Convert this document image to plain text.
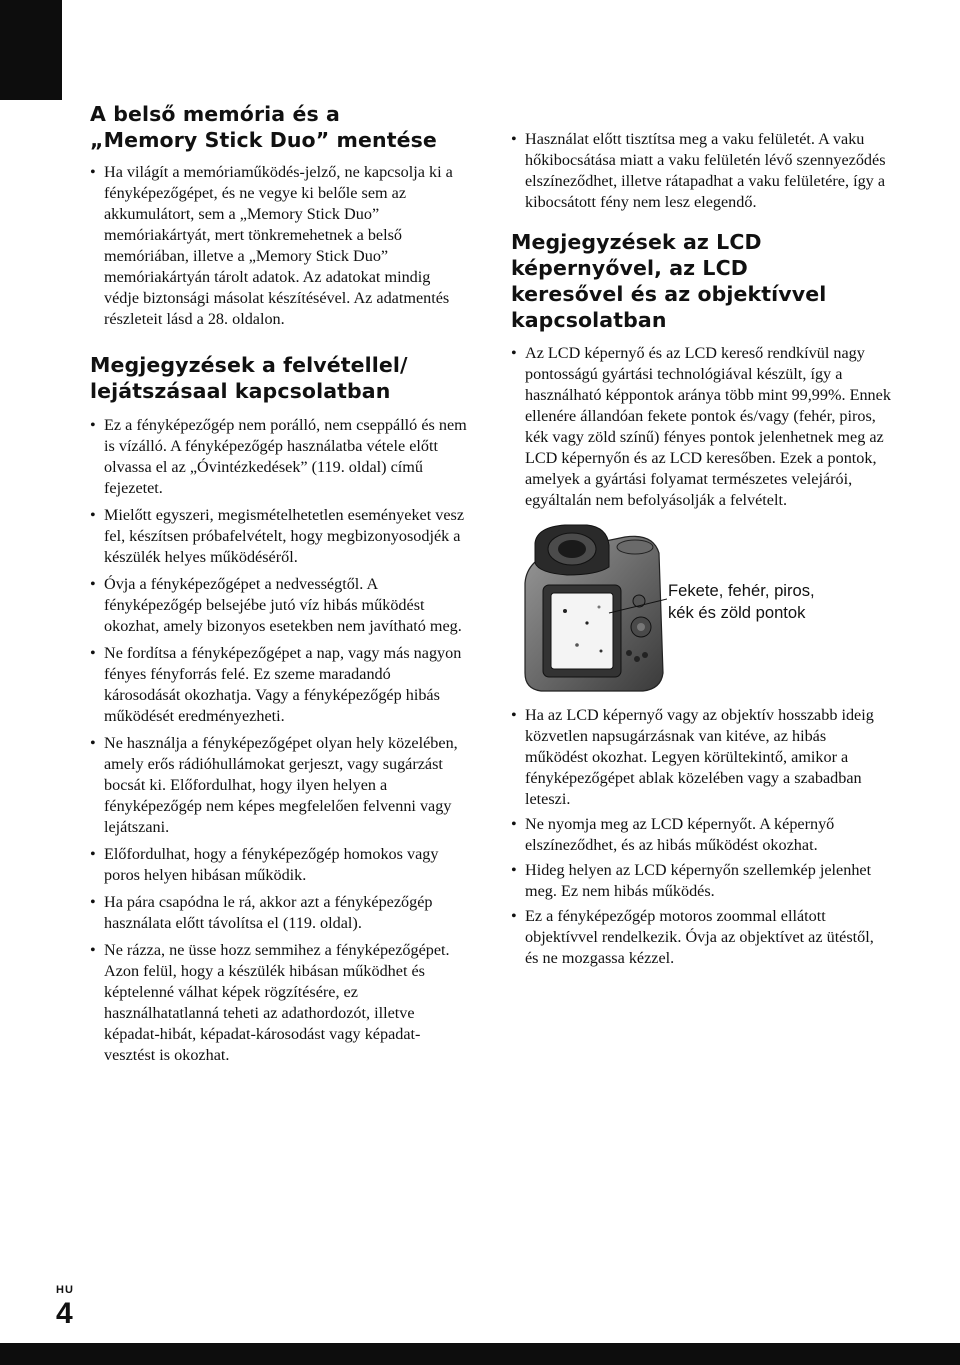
A belső memória és a
„Memory Stick Duo” mentése
• Ha világít a memóriaműködés-jelző, ne kapcsolja ki a fényképezőgépet, és ne vegye ki belőle sem az akkumulátort, sem a „Memory Stick Duo” memóriakártyát, mert tönkremehetnek a belső memóriában, illetve a „Memory Stick Duo” memóriakártyán tárolt adatok. Az adatokat mindig védje biztonsági másolat készítésével. Az adatmentés részleteit lásd a 28. oldalon.
Megjegyzések a felvétellel/
lejátszásaal kapcsolatban
• Ez a fényképezőgép nem porálló, nem cseppálló és nem is vízálló. A fényképezőgép használatba vétele előtt olvassa el az „Óvintézkedések” (119. oldal) című fejezetet.
• Mielőtt egyszeri, megismételhetetlen eseményeket vesz fel, készítsen próbafelvételt, hogy megbizonyosodjék a készülék helyes működéséről.
• Óvja a fényképezőgépet a nedvességtől. A fényképezőgép belsejébe jutó víz hibás működést okozhat, amely bizonyos esetekben nem javítható meg.
• Ne fordítsa a fényképezőgépet a nap, vagy más nagyon fényes fényforrás felé. Ez szeme maradandó károsodását okozhatja. Vagy a fényképezőgép hibás működését eredményezheti.
• Ne használja a fényképezőgépet olyan hely közelében, amely erős rádióhullámokat gerjeszt, vagy sugárzást bocsát ki. Előfordulhat, hogy ilyen helyen a fényképezőgép nem képes megfelelően felvenni vagy lejátszani.
• Előfordulhat, hogy a fényképezőgép homokos vagy poros helyen hibásan működik.
• Ha pára csapódna le rá, akkor azt a fényképezőgép használata előtt távolítsa el (119. oldal).
• Ne rázza, ne üsse hozz semmihez a fényképezőgépet. Azon felül, hogy a készülék hibásan működhet és képtelenné válhat képek rögzítésére, ez használhatatlanná teheti az adathordozót, illetve képadat-hibát, képadat-károsodást vagy képadat-vesztést is okozhat.
• Használat előtt tisztítsa meg a vaku felületét. A vaku hőkibocsátása miatt a vaku felületén lévő szennyeződés elszíneződhet, illetve rátapadhat a vaku felületére, így a kibocsátott fény nem lesz elegendő.
Megjegyzések az LCD
képernyővel, az LCD
keresővel és az objektívvel
kapcsolatban
• Az LCD képernyő és az LCD kereső rendkívül nagy pontosságú gyártási technológiával készült, így a használható képpontok aránya több mint 99,99%. Ennek ellenére állandóan fekete pontok és/vagy (fehér, piros, kék vagy zöld színű) fényes pontok jelenhetnek meg az LCD képernyőn és az LCD keresőben. Ezek a pontok, amelyek a gyártási folyamat természetes velejárói, egyáltalán nem befolyásolják a felvételt.
Fekete, fehér, piros,
kék és zöld pontok
• Ha az LCD képernyő vagy az objektív hosszabb ideig közvetlen napsugárzásnak van kitéve, az hibás működést okozhat. Legyen körültekintő, amikor a fényképezőgépet ablak közelében vagy a szabadban leteszi.
• Ne nyomja meg az LCD képernyőt. A képernyő elszíneződhet, és az hibás működést okozhat.
• Hideg helyen az LCD képernyőn szellemkép jelenhet meg. Ez nem hibás működés.
• Ez a fényképezőgép motoros zoommal ellátott objektívvel rendelkezik. Óvja az objektívet az ütéstől, és ne mozgassa kézzel.
HU
4
